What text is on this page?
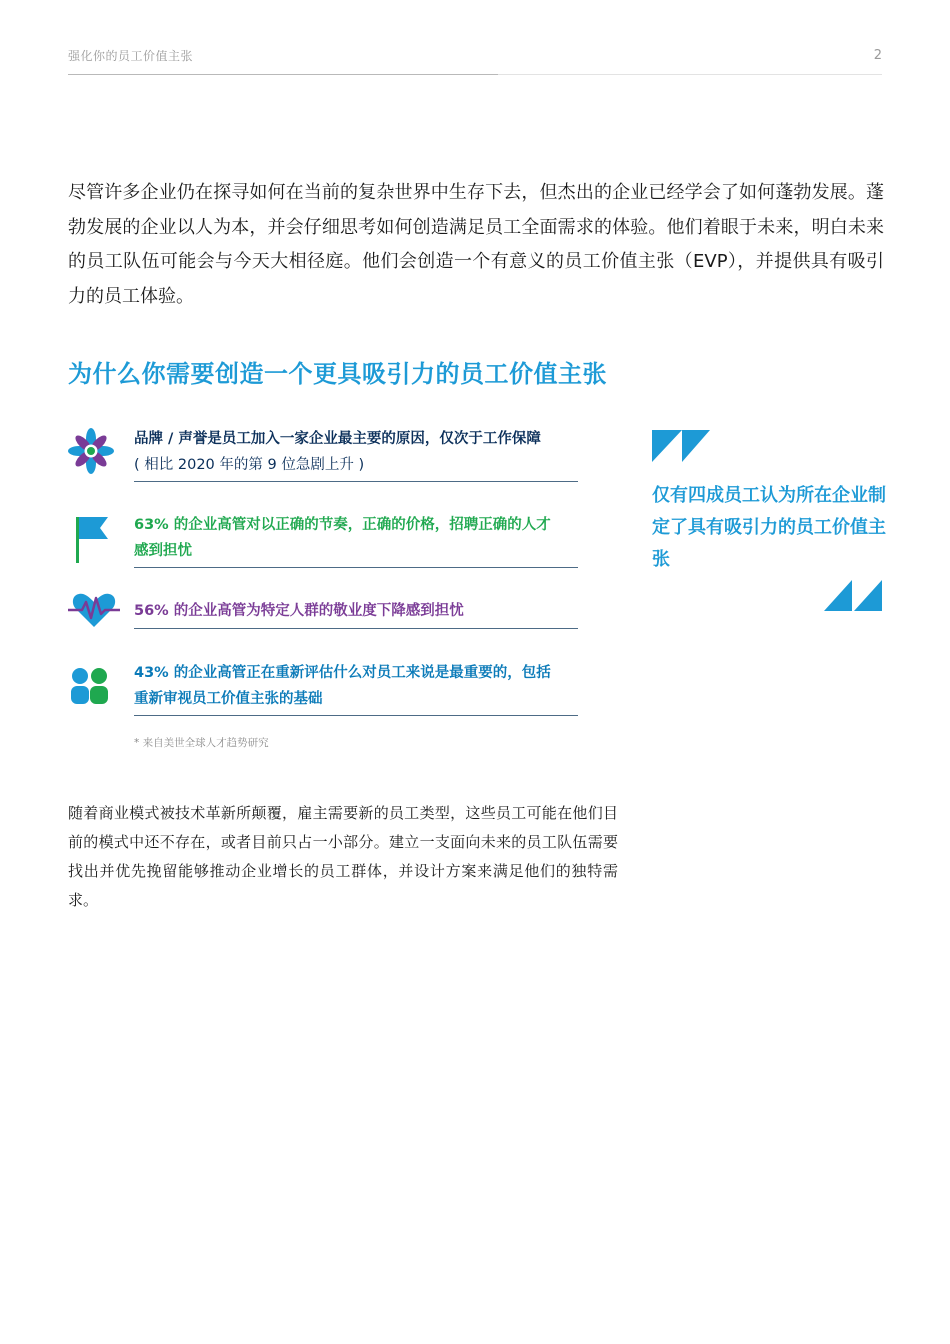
强化你的员工价值主张	2
尽管许多企业仍在探寻如何在当前的复杂世界中生存下去，但杰出的企业已经学会了如何蓬勃发展。蓬勃发展的企业以人为本，并会仔细思考如何创造满足员工全面需求的体验。他们着眼于未来，明白未来的员工队伍可能会与今天大相径庭。他们会创造一个有意义的员工价值主张（EVP），并提供具有吸引力的员工体验。
为什么你需要创造一个更具吸引力的员工价值主张
品牌 / 声誉是员工加入一家企业最主要的原因，仅次于工作保障
( 相比 2020 年的第 9 位急剧上升 )
63% 的企业高管对以正确的节奏，正确的价格，招聘正确的人才感到担忧
56% 的企业高管为特定人群的敬业度下降感到担忧
43% 的企业高管正在重新评估什么对员工来说是最重要的，包括重新审视员工价值主张的基础
* 来自美世全球人才趋势研究
仅有四成员工认为所在企业制定了具有吸引力的员工价值主张
随着商业模式被技术革新所颠覆，雇主需要新的员工类型，这些员工可能在他们目前的模式中还不存在，或者目前只占一小部分。建立一支面向未来的员工队伍需要找出并优先挽留能够推动企业增长的员工群体，并设计方案来满足他们的独特需求。
